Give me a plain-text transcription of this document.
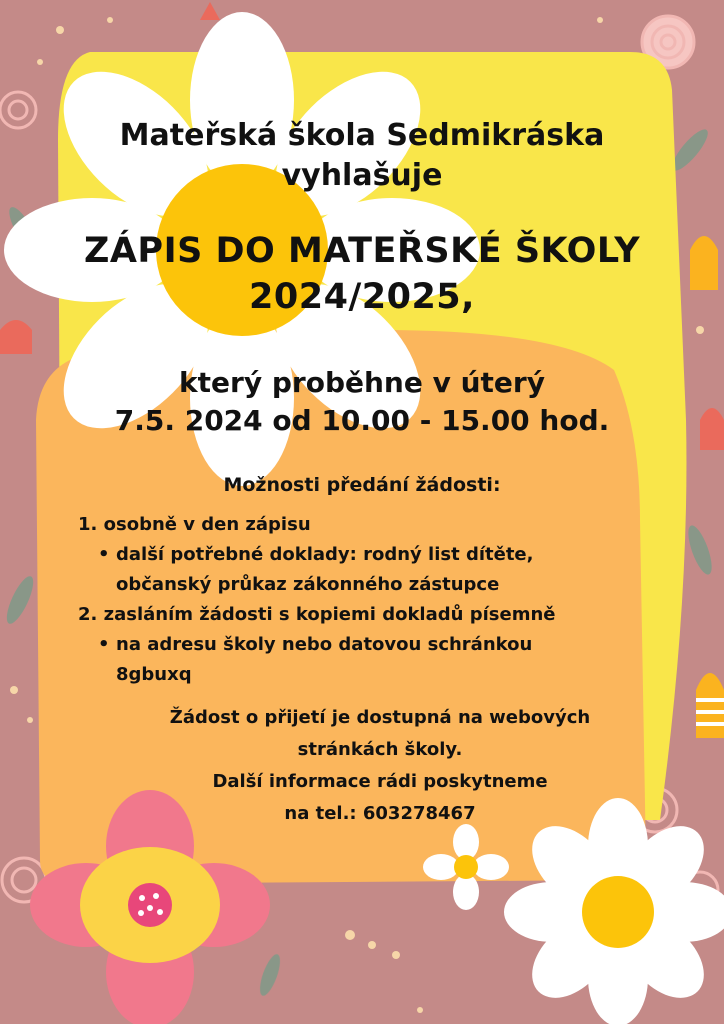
Mateřská škola Sedmikráska
vyhlašuje
ZÁPIS DO MATEŘSKÉ ŠKOLY
2024/2025,
který proběhne v úterý
7.5. 2024 od 10.00 - 15.00 hod.
Možnosti předání žádosti:
1. osobně v den zápisu
• další potřebné doklady: rodný list dítěte,
občanský průkaz zákonného zástupce
2. zasláním žádosti s kopiemi dokladů písemně
• na adresu školy nebo datovou schránkou
8gbuxq
Žádost o přijetí je dostupná na webových
stránkách školy.
Další informace rádi poskytneme
na tel.: 603278467
